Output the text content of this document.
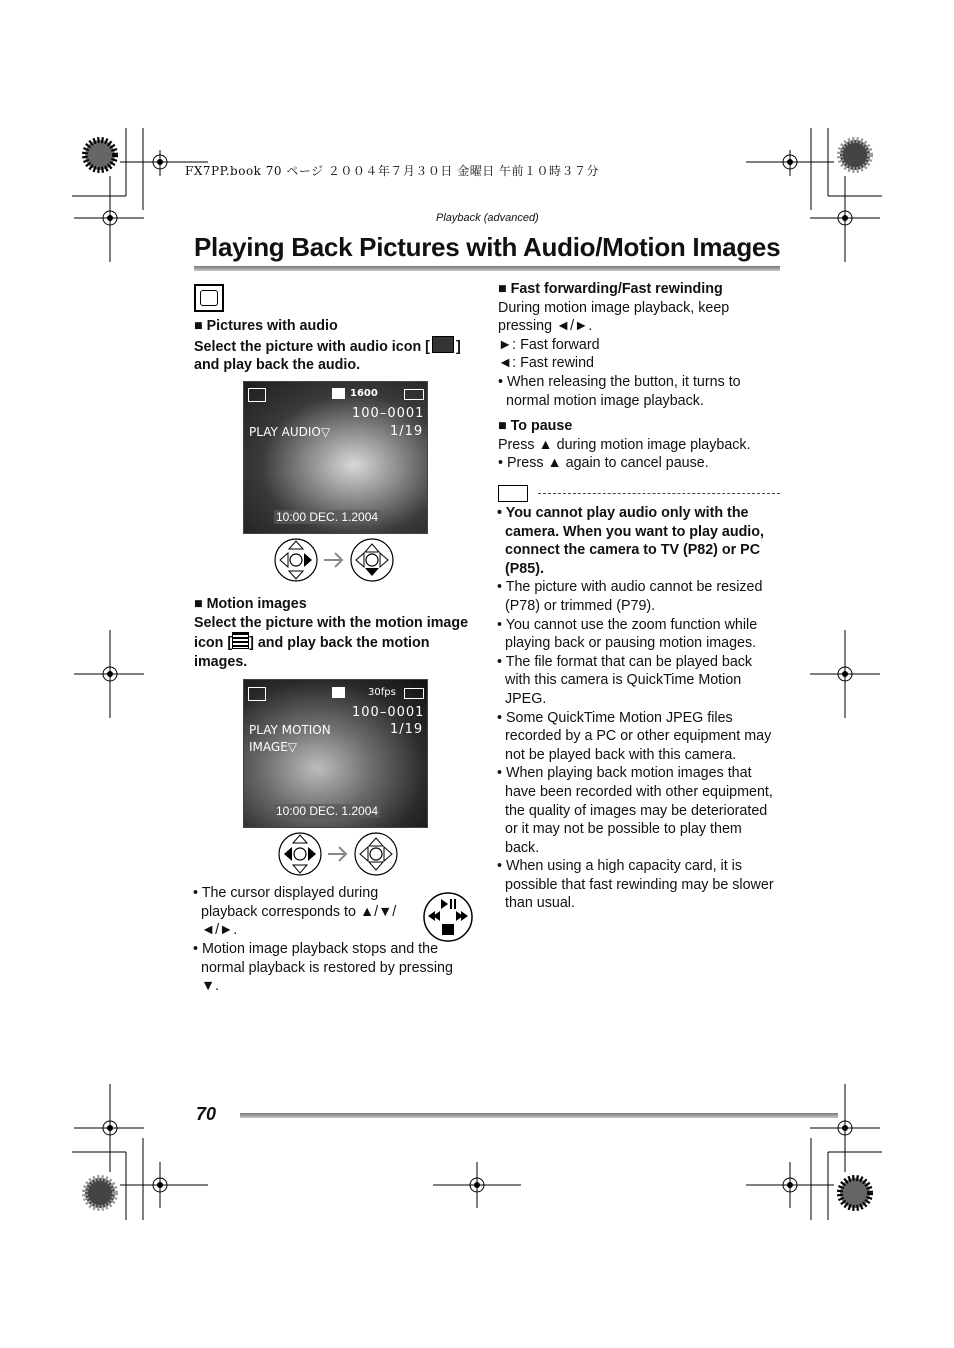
FX7PP.book 70 ページ ２００４年７月３０日 金曜日 午前１０時３７分
Playback (advanced)
Playing Back Pictures with Audio/Motion Images

■ Pictures with audio

Select the picture with audio icon [ ]

and play back the audio.

1600
100–0001
1/19
PLAY AUDIO▽
10:00 DEC. 1.2004

■ Motion images

Select the picture with the motion image

icon [ ] and play back the motion

images.

30fps
100–0001
1/19
PLAY MOTION
IMAGE▽
10:00 DEC. 1.2004

• The cursor displayed during

playback corresponds to ▲/▼/

◄/►.

• Motion image playback stops and the

normal playback is restored by pressing

▼.

■ Fast forwarding/Fast rewinding

During motion image playback, keep

pressing ◄/►.

►: Fast forward

◄: Fast rewind

• When releasing the button, it turns to

normal motion image playback.

■ To pause

Press ▲ during motion image playback.

• Press ▲ again to cancel pause.

• You cannot play audio only with the

camera. When you want to play audio,

connect the camera to TV (P82) or PC

(P85).

• The picture with audio cannot be resized

(P78) or trimmed (P79).

• You cannot use the zoom function while

playing back or pausing motion images.

• The file format that can be played back

with this camera is QuickTime Motion

JPEG.

• Some QuickTime Motion JPEG files

recorded by a PC or other equipment may

not be played back with this camera.

• When playing back motion images that

have been recorded with other equipment,

the quality of images may be deteriorated

or it may not be possible to play them

back.

• When using a high capacity card, it is

possible that fast rewinding may be slower

than usual.

70
